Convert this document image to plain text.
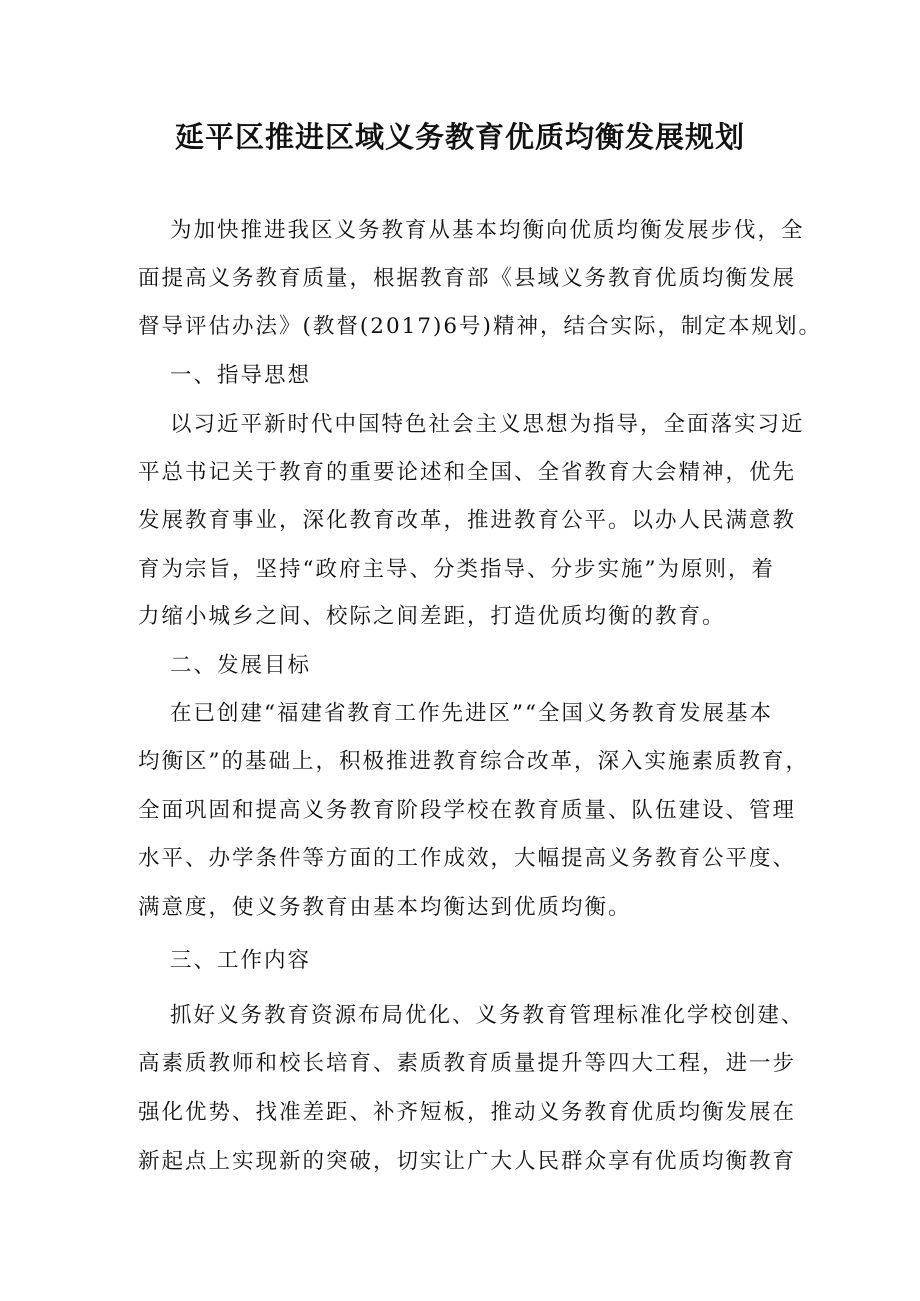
延平区推进区域义务教育优质均衡发展规划
为加快推进我区义务教育从基本均衡向优质均衡发展步伐，全
面提高义务教育质量，根据教育部《县域义务教育优质均衡发展
督导评估办法》(教督(2017)6号)精神，结合实际，制定本规划。
一、指导思想
以习近平新时代中国特色社会主义思想为指导，全面落实习近
平总书记关于教育的重要论述和全国、全省教育大会精神，优先
发展教育事业，深化教育改革，推进教育公平。以办人民满意教
育为宗旨，坚持“政府主导、分类指导、分步实施”为原则，着
力缩小城乡之间、校际之间差距，打造优质均衡的教育。
二、发展目标
在已创建“福建省教育工作先进区”“全国义务教育发展基本
均衡区”的基础上，积极推进教育综合改革，深入实施素质教育，
全面巩固和提高义务教育阶段学校在教育质量、队伍建设、管理
水平、办学条件等方面的工作成效，大幅提高义务教育公平度、
满意度，使义务教育由基本均衡达到优质均衡。
三、工作内容
抓好义务教育资源布局优化、义务教育管理标准化学校创建、
高素质教师和校长培育、素质教育质量提升等四大工程，进一步
强化优势、找准差距、补齐短板，推动义务教育优质均衡发展在
新起点上实现新的突破，切实让广大人民群众享有优质均衡教育
